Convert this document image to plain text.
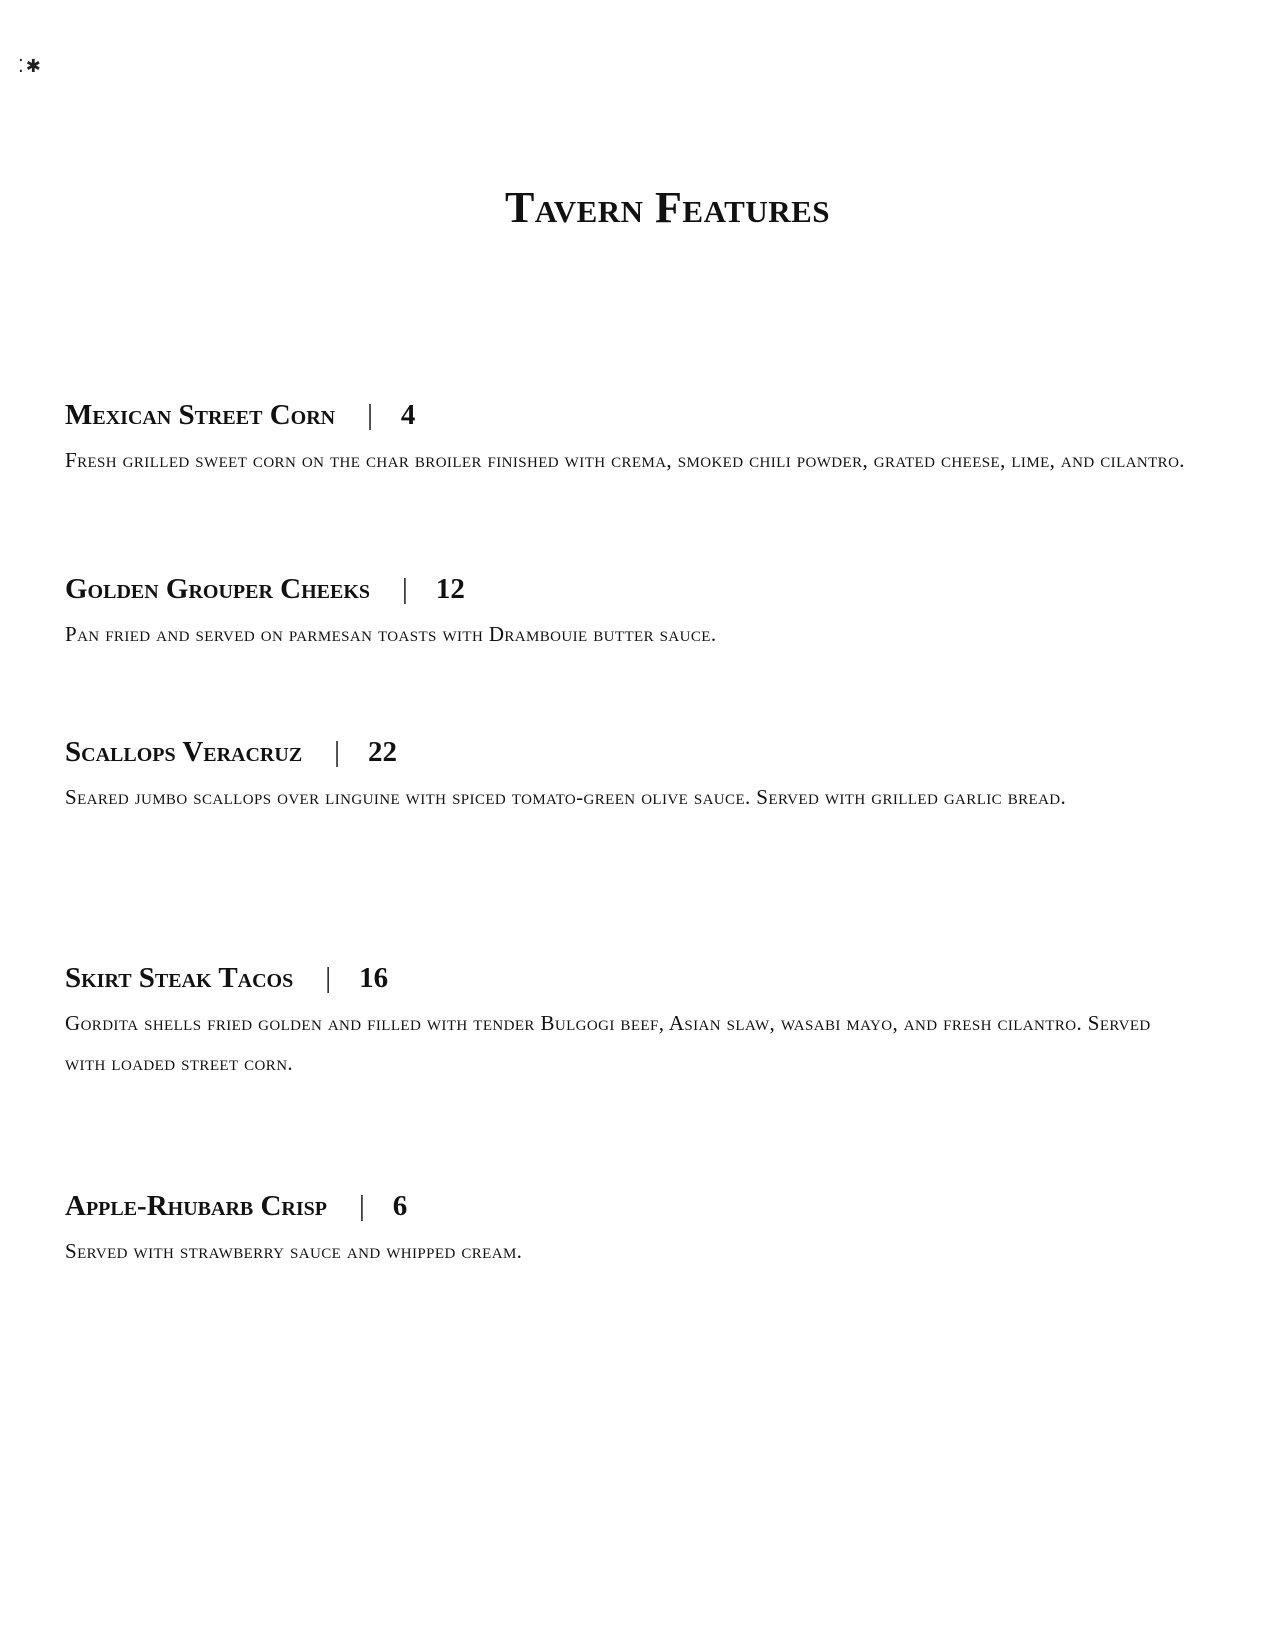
⁚✱
Tavern Features
Mexican Street Corn | 4
Fresh grilled sweet corn on the char broiler finished with crema, smoked chili powder, grated cheese, lime, and cilantro.
Golden Grouper Cheeks | 12
Pan fried and served on parmesan toasts with Drambouie butter sauce.
Scallops Veracruz | 22
Seared jumbo scallops over linguine with spiced tomato-green olive sauce. Served with grilled garlic bread.
Skirt Steak Tacos | 16
Gordita shells fried golden and filled with tender Bulgogi beef, Asian slaw, wasabi mayo, and fresh cilantro. Served with loaded street corn.
Apple-Rhubarb Crisp | 6
Served with strawberry sauce and whipped cream.
